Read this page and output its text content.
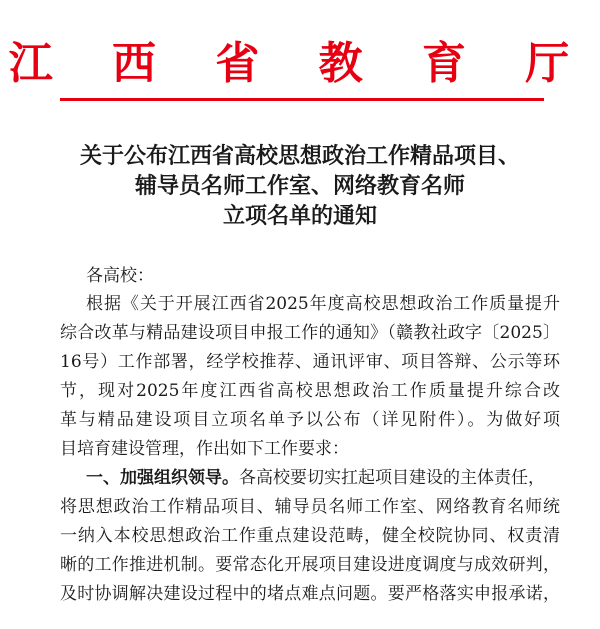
江 西 省 教 育 厅
关于公布江西省高校思想政治工作精品项目、
辅导员名师工作室、网络教育名师
立项名单的通知
各高校：
根据《关于开展江西省2025年度高校思想政治工作质量提升
综合改革与精品建设项目申报工作的通知》（赣教社政字〔2025〕
16号）工作部署，经学校推荐、通讯评审、项目答辩、公示等环
节，现对2025年度江西省高校思想政治工作质量提升综合改
革与精品建设项目立项名单予以公布（详见附件）。为做好项
目培育建设管理，作出如下工作要求：
一、加强组织领导。各高校要切实扛起项目建设的主体责任，
将思想政治工作精品项目、辅导员名师工作室、网络教育名师统
一纳入本校思想政治工作重点建设范畴，健全校院协同、权责清
晰的工作推进机制。要常态化开展项目建设进度调度与成效研判，
及时协调解决建设过程中的堵点难点问题。要严格落实申报承诺，
